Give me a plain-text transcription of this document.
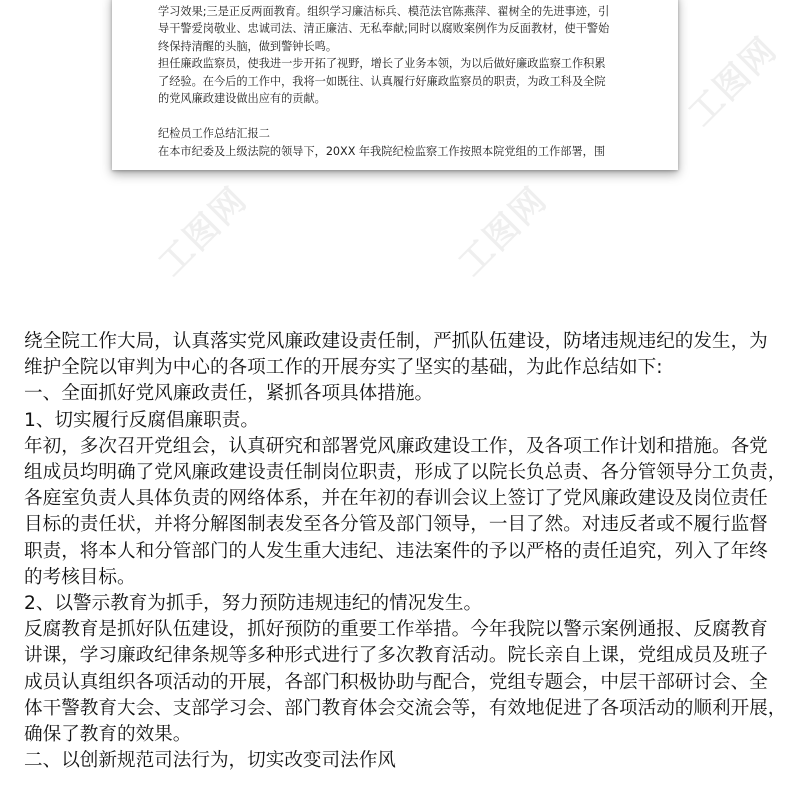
学习效果;三是正反两面教育。组织学习廉洁标兵、模范法官陈燕萍、翟树全的先进事迹，引

导干警爱岗敬业、忠诚司法、清正廉洁、无私奉献;同时以腐败案例作为反面教材，使干警始

终保持清醒的头脑，做到警钟长鸣。

担任廉政监察员，使我进一步开拓了视野，增长了业务本领，为以后做好廉政监察工作积累

了经验。在今后的工作中，我将一如既往、认真履行好廉政监察员的职责，为政工科及全院

的党风廉政建设做出应有的贡献。

纪检员工作总结汇报二

在本市纪委及上级法院的领导下，20XX 年我院纪检监察工作按照本院党组的工作部署，围

工图网	工图网
工图网

绕全院工作大局，认真落实党风廉政建设责任制，严抓队伍建设，防堵违规违纪的发生，为

维护全院以审判为中心的各项工作的开展夯实了坚实的基础，为此作总结如下:

一、全面抓好党风廉政责任，紧抓各项具体措施。

1、切实履行反腐倡廉职责。

年初，多次召开党组会，认真研究和部署党风廉政建设工作，及各项工作计划和措施。各党

组成员均明确了党风廉政建设责任制岗位职责，形成了以院长负总责、各分管领导分工负责，

各庭室负责人具体负责的网络体系，并在年初的春训会议上签订了党风廉政建设及岗位责任

目标的责任状，并将分解图制表发至各分管及部门领导，一目了然。对违反者或不履行监督

职责，将本人和分管部门的人发生重大违纪、违法案件的予以严格的责任追究，列入了年终

的考核目标。

2、以警示教育为抓手，努力预防违规违纪的情况发生。

反腐教育是抓好队伍建设，抓好预防的重要工作举措。今年我院以警示案例通报、反腐教育

讲课，学习廉政纪律条规等多种形式进行了多次教育活动。院长亲自上课，党组成员及班子

成员认真组织各项活动的开展，各部门积极协助与配合，党组专题会，中层干部研讨会、全

体干警教育大会、支部学习会、部门教育体会交流会等，有效地促进了各项活动的顺利开展，

确保了教育的效果。

二、以创新规范司法行为，切实改变司法作风
